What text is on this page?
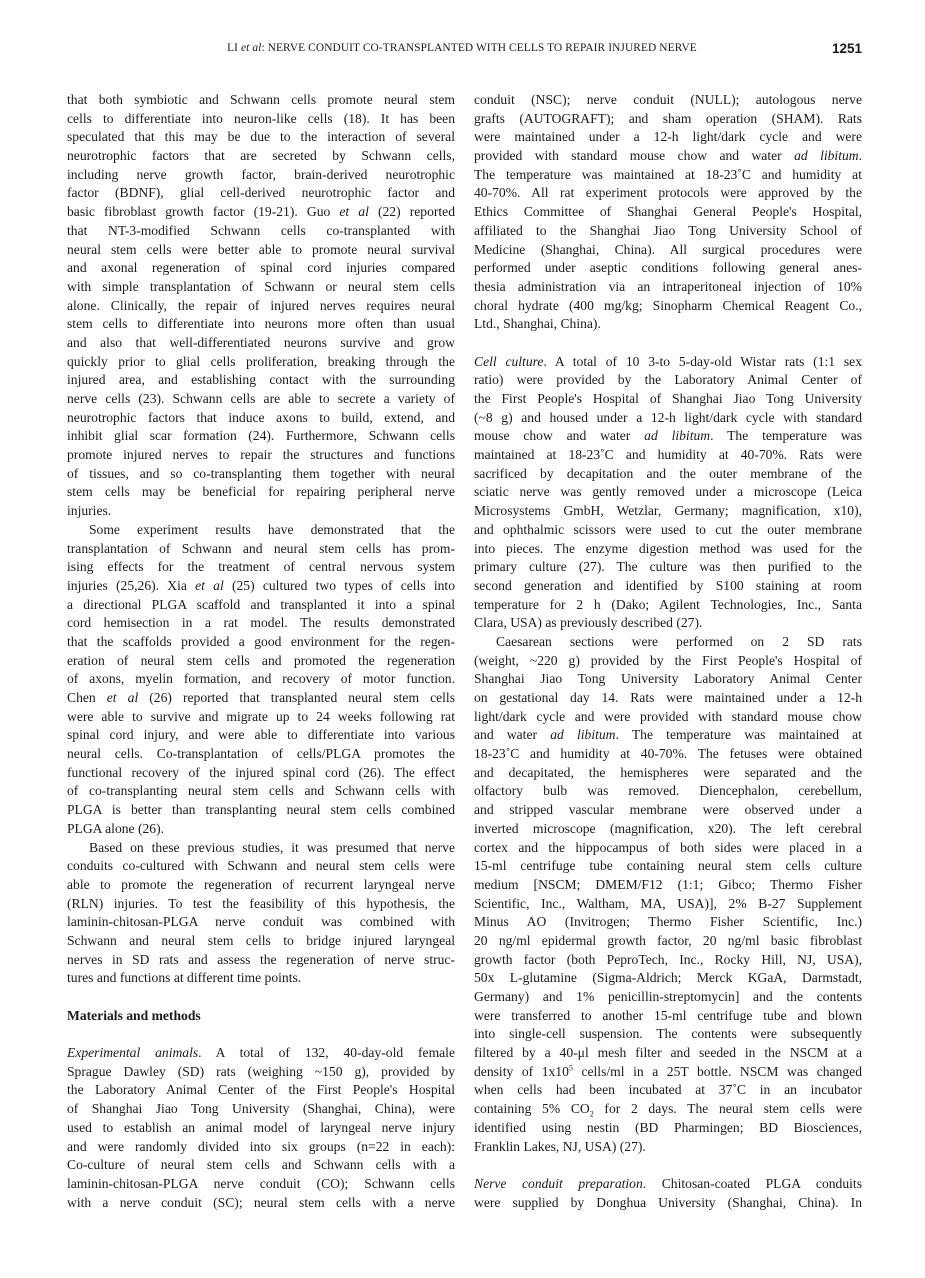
LI et al: NERVE CONDUIT CO-TRANSPLANTED WITH CELLS TO REPAIR INJURED NERVE	1251
that both symbiotic and Schwann cells promote neural stem
cells to differentiate into neuron-like cells (18). It has been
speculated that this may be due to the interaction of several
neurotrophic factors that are secreted by Schwann cells,
including nerve growth factor, brain-derived neurotrophic
factor (BDNF), glial cell-derived neurotrophic factor and
basic fibroblast growth factor (19-21). Guo et al (22) reported
that NT-3-modified Schwann cells co-transplanted with
neural stem cells were better able to promote neural survival
and axonal regeneration of spinal cord injuries compared
with simple transplantation of Schwann or neural stem cells
alone. Clinically, the repair of injured nerves requires neural
stem cells to differentiate into neurons more often than usual
and also that well-differentiated neurons survive and grow
quickly prior to glial cells proliferation, breaking through the
injured area, and establishing contact with the surrounding
nerve cells (23). Schwann cells are able to secrete a variety of
neurotrophic factors that induce axons to build, extend, and
inhibit glial scar formation (24). Furthermore, Schwann cells
promote injured nerves to repair the structures and functions
of tissues, and so co-transplanting them together with neural
stem cells may be beneficial for repairing peripheral nerve
injuries.
Some experiment results have demonstrated that the
transplantation of Schwann and neural stem cells has prom-
ising effects for the treatment of central nervous system
injuries (25,26). Xia et al (25) cultured two types of cells into
a directional PLGA scaffold and transplanted it into a spinal
cord hemisection in a rat model. The results demonstrated
that the scaffolds provided a good environment for the regen-
eration of neural stem cells and promoted the regeneration
of axons, myelin formation, and recovery of motor function.
Chen et al (26) reported that transplanted neural stem cells
were able to survive and migrate up to 24 weeks following rat
spinal cord injury, and were able to differentiate into various
neural cells. Co-transplantation of cells/PLGA promotes the
functional recovery of the injured spinal cord (26). The effect
of co-transplanting neural stem cells and Schwann cells with
PLGA is better than transplanting neural stem cells combined
PLGA alone (26).
Based on these previous studies, it was presumed that nerve
conduits co-cultured with Schwann and neural stem cells were
able to promote the regeneration of recurrent laryngeal nerve
(RLN) injuries. To test the feasibility of this hypothesis, the
laminin-chitosan-PLGA nerve conduit was combined with
Schwann and neural stem cells to bridge injured laryngeal
nerves in SD rats and assess the regeneration of nerve struc-
tures and functions at different time points.
Materials and methods
Experimental animals. A total of 132, 40-day-old female
Sprague Dawley (SD) rats (weighing ~150 g), provided by
the Laboratory Animal Center of the First People's Hospital
of Shanghai Jiao Tong University (Shanghai, China), were
used to establish an animal model of laryngeal nerve injury
and were randomly divided into six groups (n=22 in each):
Co-culture of neural stem cells and Schwann cells with a
laminin-chitosan-PLGA nerve conduit (CO); Schwann cells
with a nerve conduit (SC); neural stem cells with a nerve
conduit (NSC); nerve conduit (NULL); autologous nerve
grafts (AUTOGRAFT); and sham operation (SHAM). Rats
were maintained under a 12-h light/dark cycle and were
provided with standard mouse chow and water ad libitum.
The temperature was maintained at 18-23˚C and humidity at
40-70%. All rat experiment protocols were approved by the
Ethics Committee of Shanghai General People's Hospital,
affiliated to the Shanghai Jiao Tong University School of
Medicine (Shanghai, China). All surgical procedures were
performed under aseptic conditions following general anes-
thesia administration via an intraperitoneal injection of 10%
choral hydrate (400 mg/kg; Sinopharm Chemical Reagent Co.,
Ltd., Shanghai, China).
Cell culture. A total of 10 3-to 5-day-old Wistar rats (1:1 sex
ratio) were provided by the Laboratory Animal Center of
the First People's Hospital of Shanghai Jiao Tong University
(~8 g) and housed under a 12-h light/dark cycle with standard
mouse chow and water ad libitum. The temperature was
maintained at 18-23˚C and humidity at 40-70%. Rats were
sacrificed by decapitation and the outer membrane of the
sciatic nerve was gently removed under a microscope (Leica
Microsystems GmbH, Wetzlar, Germany; magnification, x10),
and ophthalmic scissors were used to cut the outer membrane
into pieces. The enzyme digestion method was used for the
primary culture (27). The culture was then purified to the
second generation and identified by S100 staining at room
temperature for 2 h (Dako; Agilent Technologies, Inc., Santa
Clara, USA) as previously described (27).
Caesarean sections were performed on 2 SD rats
(weight, ~220 g) provided by the First People's Hospital of
Shanghai Jiao Tong University Laboratory Animal Center
on gestational day 14. Rats were maintained under a 12-h
light/dark cycle and were provided with standard mouse chow
and water ad libitum. The temperature was maintained at
18-23˚C and humidity at 40-70%. The fetuses were obtained
and decapitated, the hemispheres were separated and the
olfactory bulb was removed. Diencephalon, cerebellum,
and stripped vascular membrane were observed under a
inverted microscope (magnification, x20). The left cerebral
cortex and the hippocampus of both sides were placed in a
15-ml centrifuge tube containing neural stem cells culture
medium [NSCM; DMEM/F12 (1:1; Gibco; Thermo Fisher
Scientific, Inc., Waltham, MA, USA)], 2% B-27 Supplement
Minus AO (Invitrogen; Thermo Fisher Scientific, Inc.)
20 ng/ml epidermal growth factor, 20 ng/ml basic fibroblast
growth factor (both PeproTech, Inc., Rocky Hill, NJ, USA),
50x L-glutamine (Sigma-Aldrich; Merck KGaA, Darmstadt,
Germany) and 1% penicillin-streptomycin] and the contents
were transferred to another 15-ml centrifuge tube and blown
into single-cell suspension. The contents were subsequently
filtered by a 40-μl mesh filter and seeded in the NSCM at a
density of $1x10^5$ cells/ml in a 25T bottle. NSCM was changed
when cells had been incubated at 37˚C in an incubator
containing 5% $CO_2$ for 2 days. The neural stem cells were
identified using nestin (BD Pharmingen; BD Biosciences,
Franklin Lakes, NJ, USA) (27).
Nerve conduit preparation. Chitosan-coated PLGA conduits
were supplied by Donghua University (Shanghai, China). In
